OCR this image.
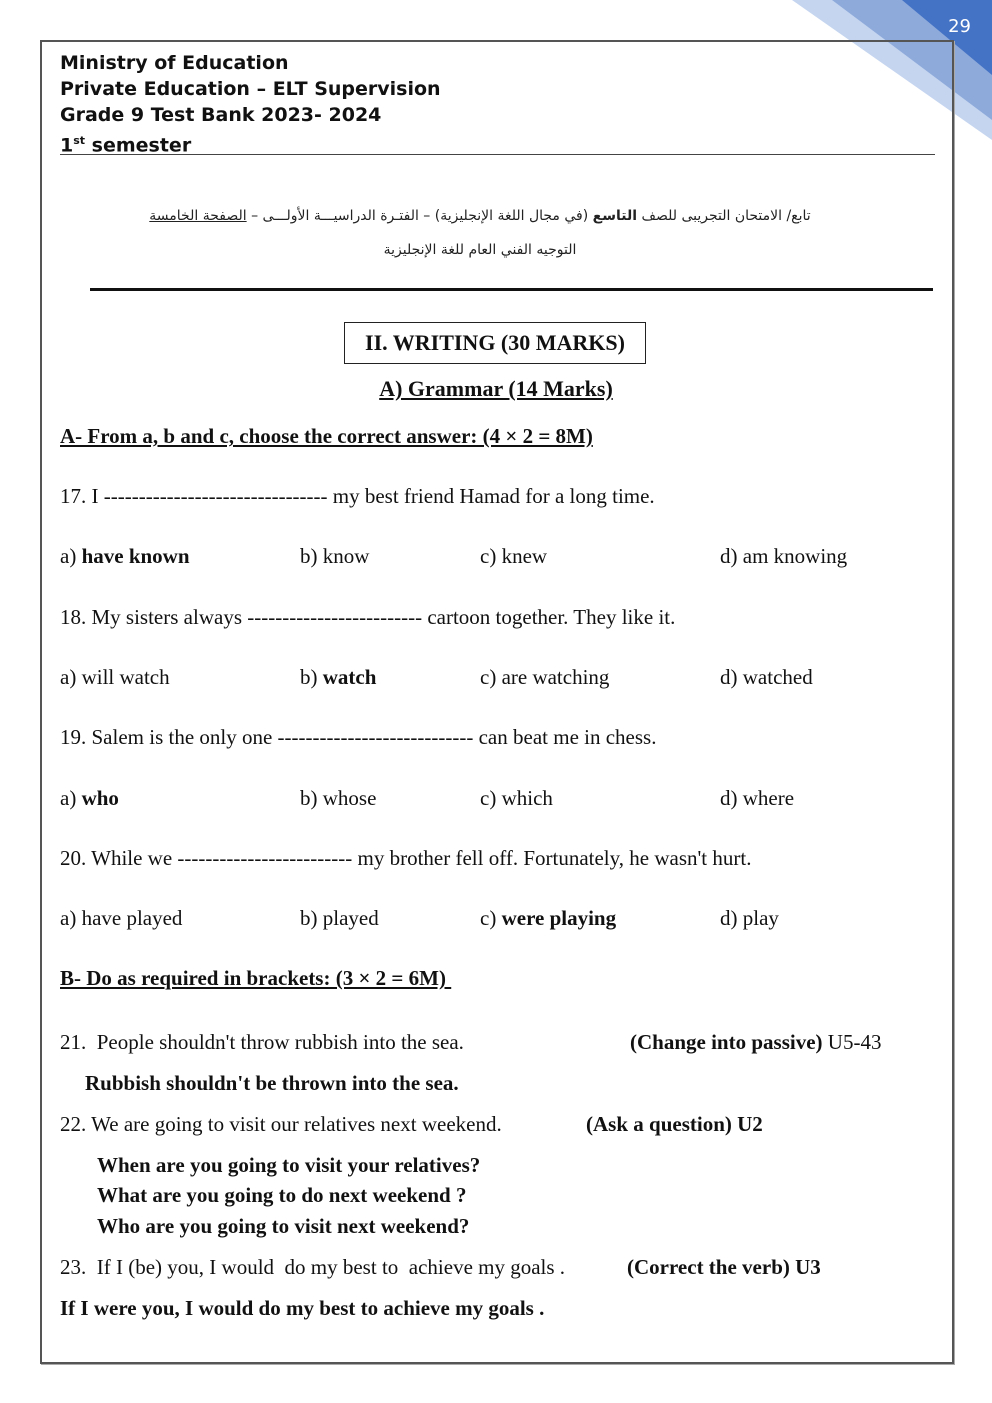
29
Ministry of Education
Private Education – ELT Supervision
Grade 9 Test Bank 2023- 2024
1st semester
تابع/ الامتحان التجريبى للصف التاسع (في مجال اللغة الإنجليزية) – الفتـرة الدراسيـــة الأولـــى – الصفحة الخامسة
التوجيه الفني العام للغة الإنجليزية
II. WRITING (30 MARKS)
A) Grammar (14 Marks)
A- From a, b and c, choose the correct answer: (4 × 2 = 8M)
17. I -------------------------------- my best friend Hamad for a long time.
a) have known	b) know	c) knew	d) am knowing
18. My sisters always ------------------------- cartoon together. They like it.
a) will watch	b) watch	c) are watching	d) watched
19. Salem is the only one ---------------------------- can beat me in chess.
a) who	b) whose	c) which	d) where
20. While we ------------------------- my brother fell off. Fortunately, he wasn't hurt.
a) have played	b) played	c) were playing	d) play
B- Do as required in brackets: (3 × 2 = 6M)
21.  People shouldn't throw rubbish into the sea.	(Change into passive) U5-43
Rubbish shouldn't be thrown into the sea.
22. We are going to visit our relatives next weekend.	(Ask a question) U2
When are you going to visit your relatives?
What are you going to do next weekend ?
Who are you going to visit next weekend?
23.  If I (be) you, I would  do my best to  achieve my goals .	(Correct the verb) U3
If I were you, I would do my best to achieve my goals .
